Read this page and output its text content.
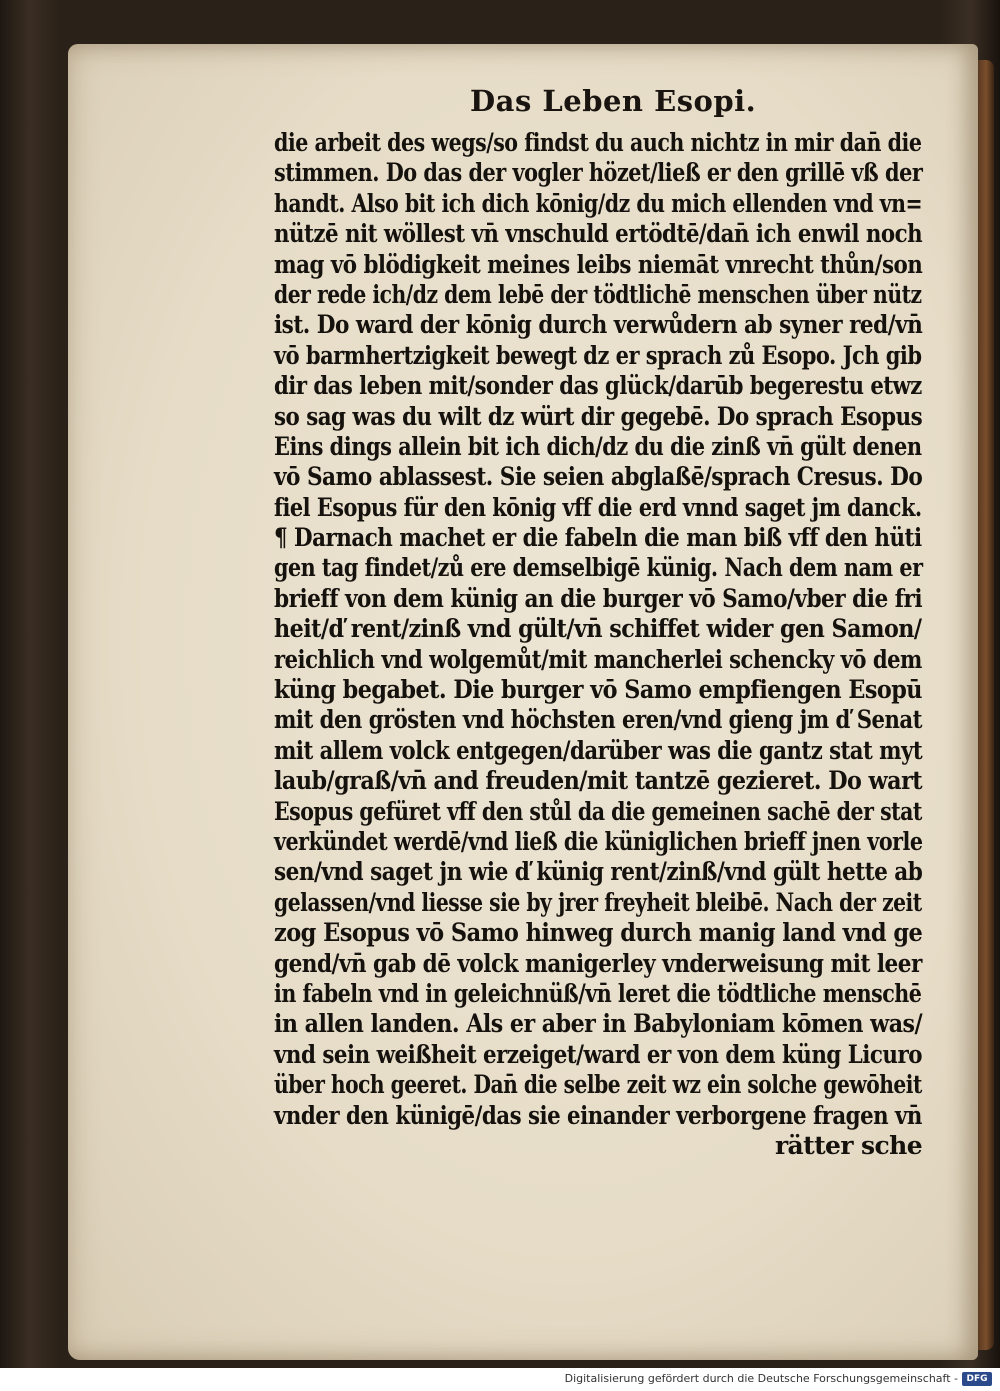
Das Leben Esopi.
die arbeit des wegs/so findst du auch nichtz in mir dan̄ die
stimmen. Do das der vogler hözet/ließ er den grillē vß der
handt. Also bit ich dich kōnig/dz du mich ellenden vnd vn=
nützē nit wöllest vn̄ vnschuld ertödtē/dan̄ ich enwil noch
mag vō blödigkeit meines leibs niemāt vnrecht thůn/son
der rede ich/dz dem lebē der tödtlichē menschen über nütz
ist. Do ward der kōnig durch verwůdern ab syner red/vn̄
vō barmhertzigkeit bewegt dz er sprach zů Esopo. Jch gib
dir das leben mit/sonder das glück/darūb begerestu etwz
so sag was du wilt dz würt dir gegebē. Do sprach Esopus
Eins dings allein bit ich dich/dz du die zinß vn̄ gült denen
vō Samo ablassest. Sie seien abglaßē/sprach Cresus. Do
fiel Esopus für den kōnig vff die erd vnnd saget jm danck.
¶ Darnach machet er die fabeln die man biß vff den hüti
gen tag findet/zů ere demselbigē künig. Nach dem nam er
brieff von dem künig an die burger vō Samo/vber die fri
heit/ď rent/zinß vnd gült/vn̄ schiffet wider gen Samon/
reichlich vnd wolgemůt/mit mancherlei schencky vō dem
küng begabet. Die burger vō Samo empfiengen Esopū
mit den grösten vnd höchsten eren/vnd gieng jm ď Senat
mit allem volck entgegen/darüber was die gantz stat myt
laub/graß/vn̄ and freuden/mit tantzē gezieret. Do wart
Esopus gefüret vff den stůl da die gemeinen sachē der stat
verkündet werdē/vnd ließ die küniglichen brieff jnen vorle
sen/vnd saget jn wie ď künig rent/zinß/vnd gült hette ab
gelassen/vnd liesse sie by jrer freyheit bleibē. Nach der zeit
zog Esopus vō Samo hinweg durch manig land vnd ge
gend/vn̄ gab dē volck manigerley vnderweisung mit leer
in fabeln vnd in geleichnüß/vn̄ leret die tödtliche menschē
in allen landen. Als er aber in Babyloniam kōmen was/
vnd sein weißheit erzeiget/ward er von dem küng Licuro
über hoch geeret. Dan̄ die selbe zeit wz ein solche gewōheit
vnder den künigē/das sie einander verborgene fragen vn̄
rätter sche
Digitalisierung gefördert durch die Deutsche Forschungsgemeinschaft - DFG
